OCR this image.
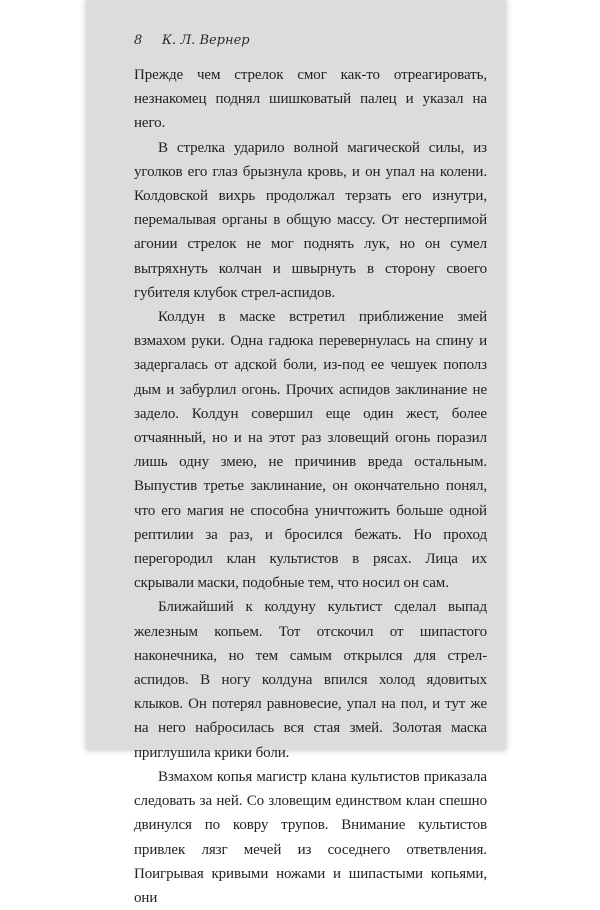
8 К. Л. Вернер

Прежде чем стрелок смог как-то отреагировать, незнакомец поднял шишковатый палец и указал на него.

В стрелка ударило волной магической силы, из уголков его глаз брызнула кровь, и он упал на колени. Колдовской вихрь продолжал терзать его изнутри, перемалывая органы в общую массу. От нестерпимой агонии стрелок не мог поднять лук, но он сумел вытряхнуть колчан и швырнуть в сторону своего губителя клубок стрел-аспидов.

Колдун в маске встретил приближение змей взмахом руки. Одна гадюка перевернулась на спину и задергалась от адской боли, из-под ее чешуек пополз дым и забурлил огонь. Прочих аспидов заклинание не задело. Колдун совершил еще один жест, более отчаянный, но и на этот раз зловещий огонь поразил лишь одну змею, не причинив вреда остальным. Выпустив третье заклинание, он окончательно понял, что его магия не способна уничтожить больше одной рептилии за раз, и бросился бежать. Но проход перегородил клан культистов в рясах. Лица их скрывали маски, подобные тем, что носил он сам.

Ближайший к колдуну культист сделал выпад железным копьем. Тот отскочил от шипастого наконечника, но тем самым открылся для стрел-аспидов. В ногу колдуна впился холод ядовитых клыков. Он потерял равновесие, упал на пол, и тут же на него набросилась вся стая змей. Золотая маска приглушила крики боли.

Взмахом копья магистр клана культистов приказала следовать за ней. Со зловещим единством клан спешно двинулся по ковру трупов. Внимание культистов привлек лязг мечей из соседнего ответвления. Поигрывая кривыми ножами и шипастыми копьями, они
